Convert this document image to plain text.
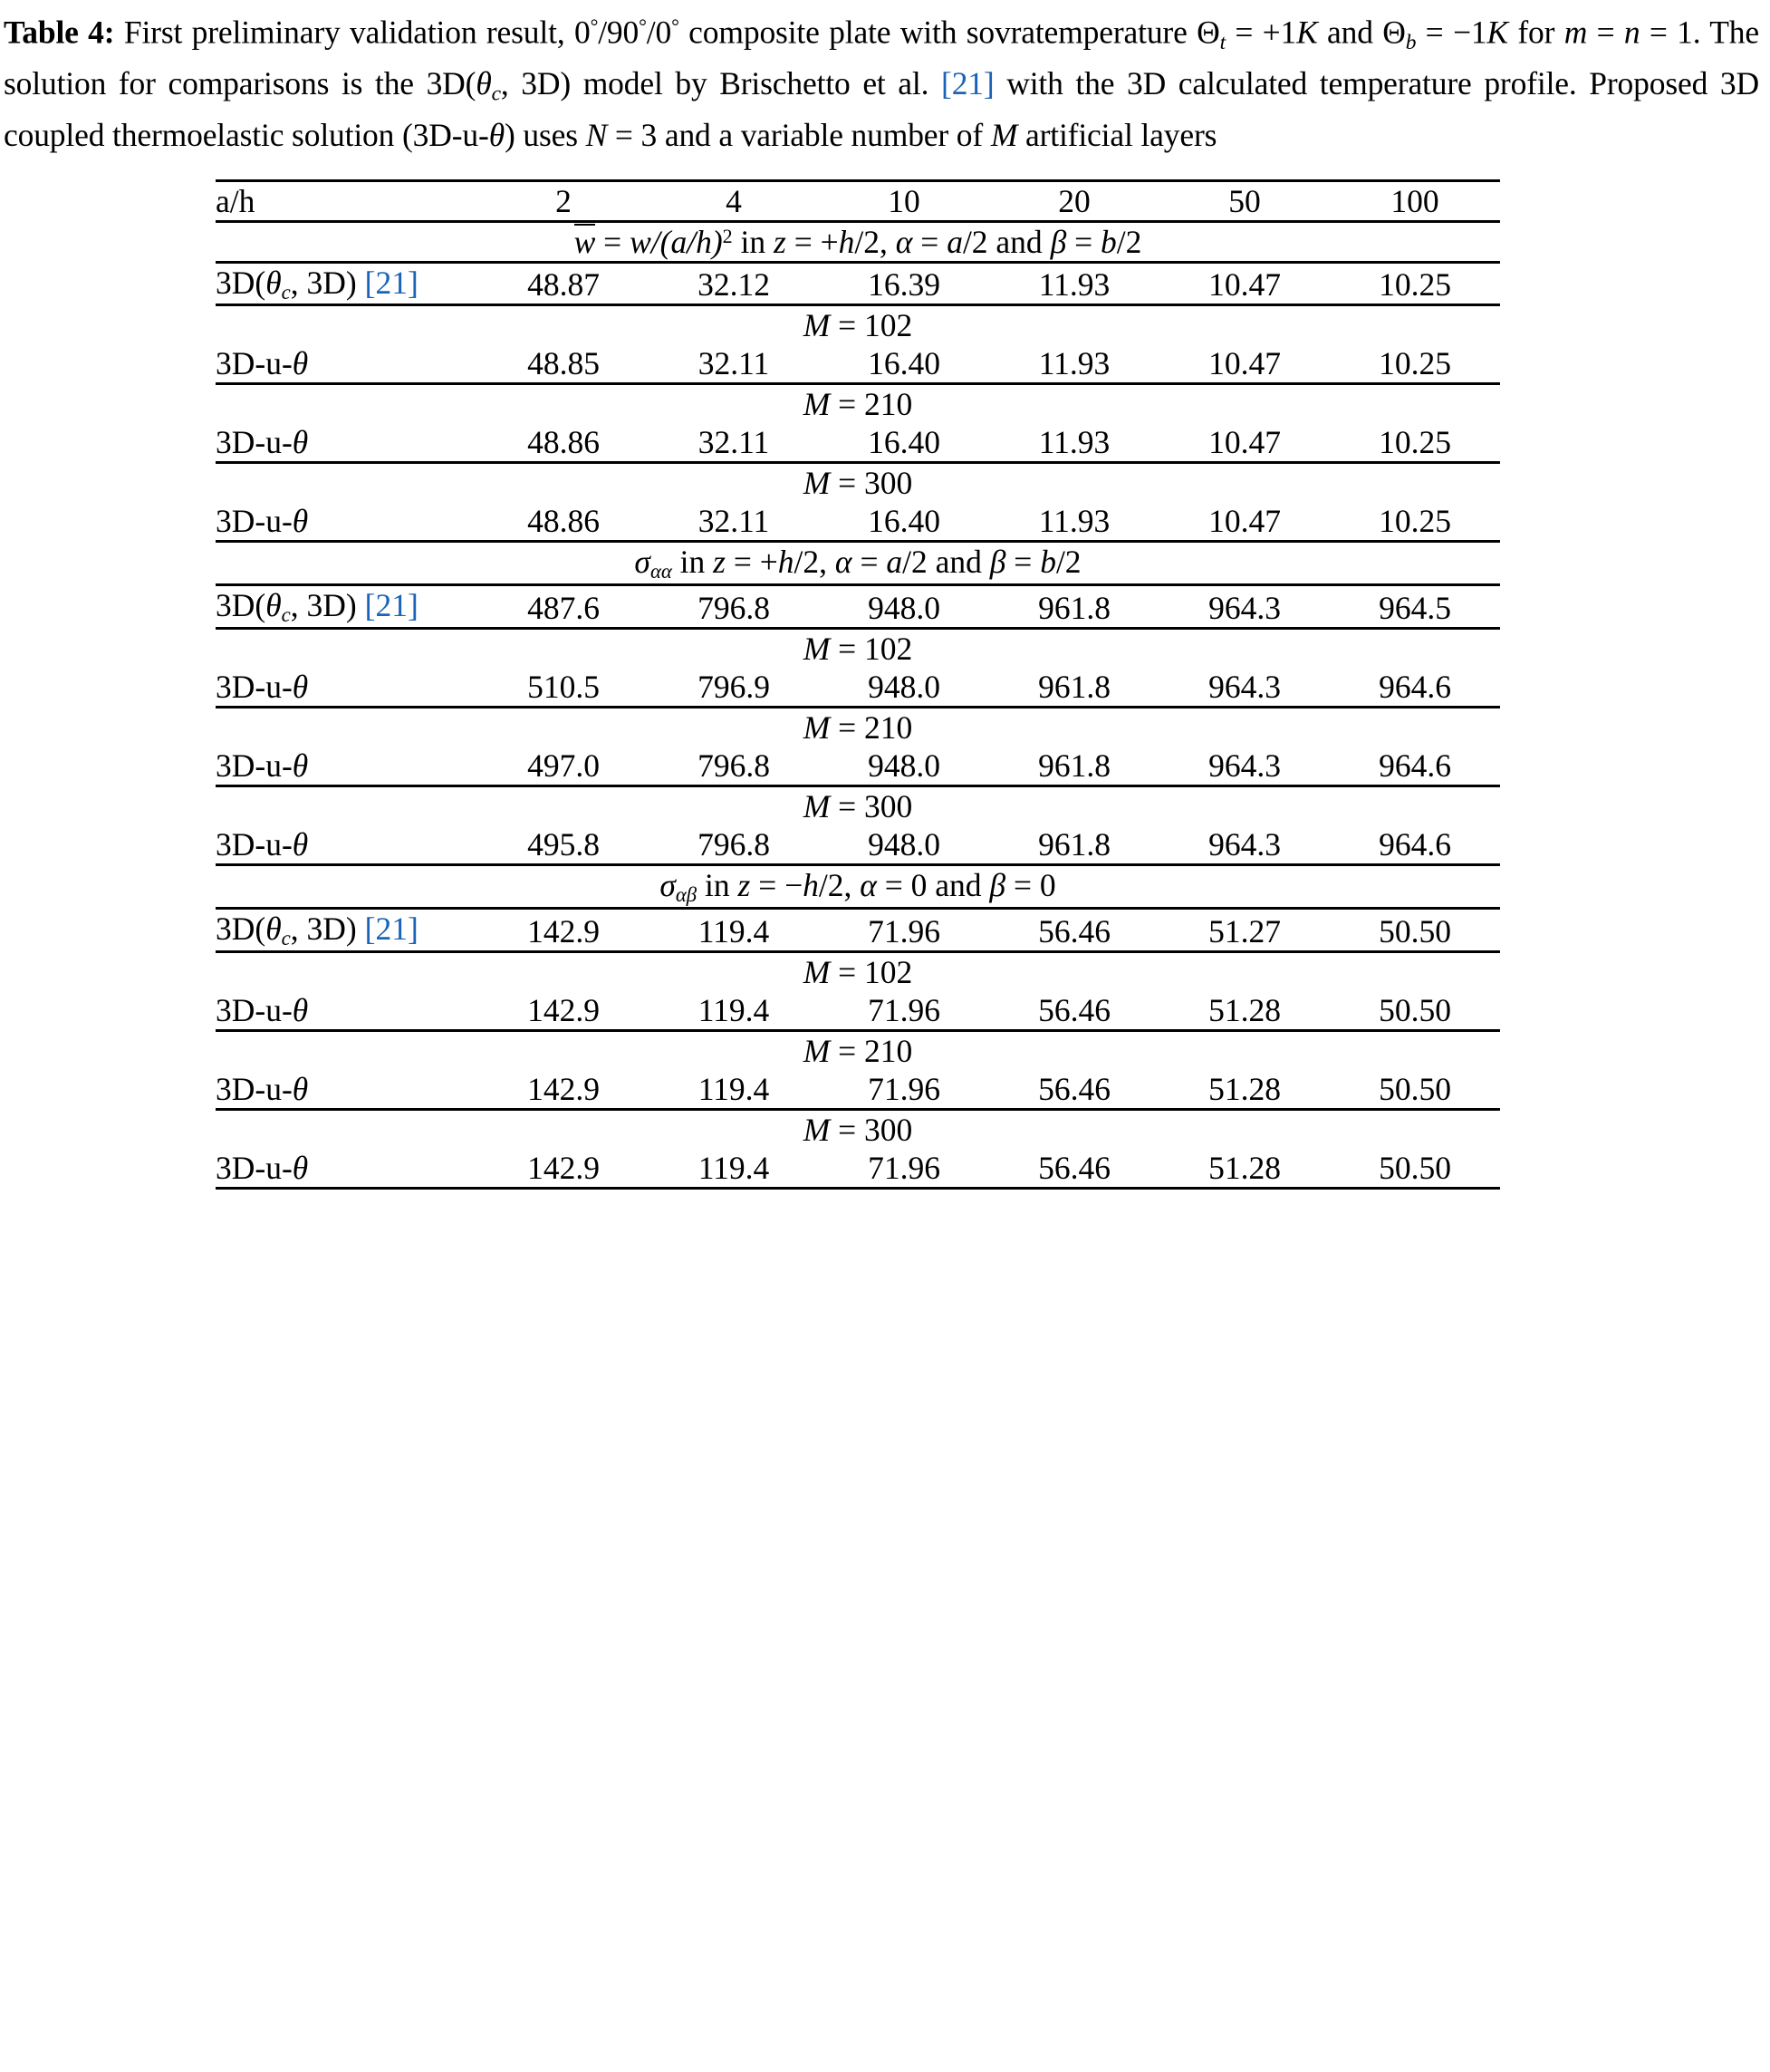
Table 4: First preliminary validation result, 0°/90°/0° composite plate with sovratemperature $\Theta_t = +1K$ and $\Theta_b = -1K$ for m = n = 1. The solution for comparisons is the $3D(\theta_c$, 3D) model by Brischetto et al. [21] with the 3D calculated temperature profile. Proposed 3D coupled thermoelastic solution (3D-u-θ) uses N = 3 and a variable number of M artificial layers
a/h	2	4	10	20	50	100
$w = w/(a/h)^2$ in z = +h/2, α = a/2 and β = b/2						
$3D(\theta_c$, 3D) [21]	48.87	32.12	16.39	11.93	10.47	10.25
M = 102						
3D-u-θ	48.85	32.11	16.40	11.93	10.47	10.25
M = 210						
3D-u-θ	48.86	32.11	16.40	11.93	10.47	10.25
M = 300						
3D-u-θ	48.86	32.11	16.40	11.93	10.47	10.25
$\sigma_{\alpha\alpha}$ in z = +h/2, α = a/2 and β = b/2						
$3D(\theta_c$, 3D) [21]	487.6	796.8	948.0	961.8	964.3	964.5
M = 102						
3D-u-θ	510.5	796.9	948.0	961.8	964.3	964.6
M = 210						
3D-u-θ	497.0	796.8	948.0	961.8	964.3	964.6
M = 300						
3D-u-θ	495.8	796.8	948.0	961.8	964.3	964.6
$\sigma_{\alpha\beta}$ in z = −h/2, α = 0 and β = 0						
$3D(\theta_c$, 3D) [21]	142.9	119.4	71.96	56.46	51.27	50.50
M = 102						
3D-u-θ	142.9	119.4	71.96	56.46	51.28	50.50
M = 210						
3D-u-θ	142.9	119.4	71.96	56.46	51.28	50.50
M = 300						
3D-u-θ	142.9	119.4	71.96	56.46	51.28	50.50
